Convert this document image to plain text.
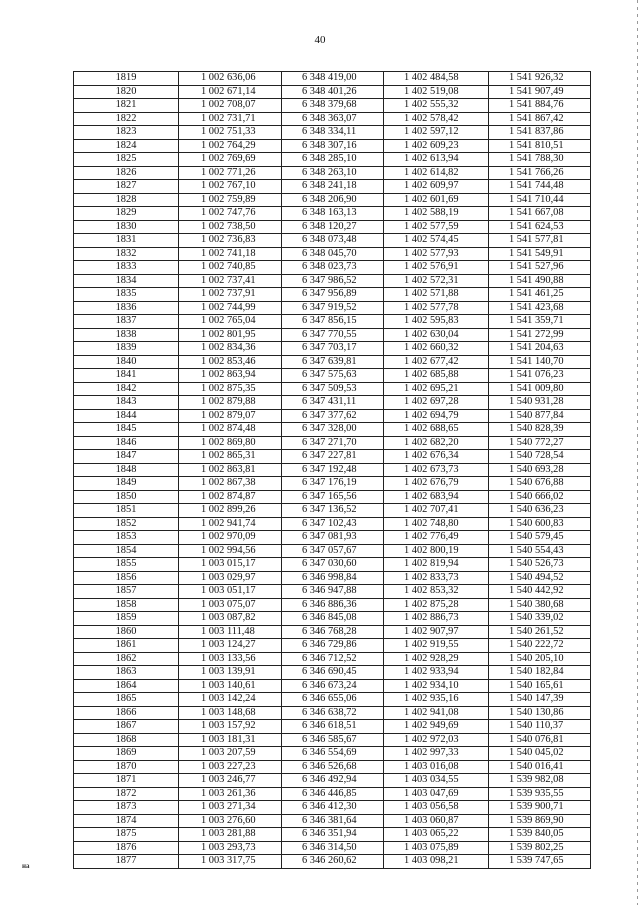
40
1819	1 002 636,06	6 348 419,00	1 402 484,58	1 541 926,32
1820	1 002 671,14	6 348 401,26	1 402 519,08	1 541 907,49
1821	1 002 708,07	6 348 379,68	1 402 555,32	1 541 884,76
1822	1 002 731,71	6 348 363,07	1 402 578,42	1 541 867,42
1823	1 002 751,33	6 348 334,11	1 402 597,12	1 541 837,86
1824	1 002 764,29	6 348 307,16	1 402 609,23	1 541 810,51
1825	1 002 769,69	6 348 285,10	1 402 613,94	1 541 788,30
1826	1 002 771,26	6 348 263,10	1 402 614,82	1 541 766,26
1827	1 002 767,10	6 348 241,18	1 402 609,97	1 541 744,48
1828	1 002 759,89	6 348 206,90	1 402 601,69	1 541 710,44
1829	1 002 747,76	6 348 163,13	1 402 588,19	1 541 667,08
1830	1 002 738,50	6 348 120,27	1 402 577,59	1 541 624,53
1831	1 002 736,83	6 348 073,48	1 402 574,45	1 541 577,81
1832	1 002 741,18	6 348 045,70	1 402 577,93	1 541 549,91
1833	1 002 740,85	6 348 023,73	1 402 576,91	1 541 527,96
1834	1 002 737,41	6 347 986,52	1 402 572,31	1 541 490,88
1835	1 002 737,91	6 347 956,89	1 402 571,88	1 541 461,25
1836	1 002 744,99	6 347 919,52	1 402 577,78	1 541 423,68
1837	1 002 765,04	6 347 856,15	1 402 595,83	1 541 359,71
1838	1 002 801,95	6 347 770,55	1 402 630,04	1 541 272,99
1839	1 002 834,36	6 347 703,17	1 402 660,32	1 541 204,63
1840	1 002 853,46	6 347 639,81	1 402 677,42	1 541 140,70
1841	1 002 863,94	6 347 575,63	1 402 685,88	1 541 076,23
1842	1 002 875,35	6 347 509,53	1 402 695,21	1 541 009,80
1843	1 002 879,88	6 347 431,11	1 402 697,28	1 540 931,28
1844	1 002 879,07	6 347 377,62	1 402 694,79	1 540 877,84
1845	1 002 874,48	6 347 328,00	1 402 688,65	1 540 828,39
1846	1 002 869,80	6 347 271,70	1 402 682,20	1 540 772,27
1847	1 002 865,31	6 347 227,81	1 402 676,34	1 540 728,54
1848	1 002 863,81	6 347 192,48	1 402 673,73	1 540 693,28
1849	1 002 867,38	6 347 176,19	1 402 676,79	1 540 676,88
1850	1 002 874,87	6 347 165,56	1 402 683,94	1 540 666,02
1851	1 002 899,26	6 347 136,52	1 402 707,41	1 540 636,23
1852	1 002 941,74	6 347 102,43	1 402 748,80	1 540 600,83
1853	1 002 970,09	6 347 081,93	1 402 776,49	1 540 579,45
1854	1 002 994,56	6 347 057,67	1 402 800,19	1 540 554,43
1855	1 003 015,17	6 347 030,60	1 402 819,94	1 540 526,73
1856	1 003 029,97	6 346 998,84	1 402 833,73	1 540 494,52
1857	1 003 051,17	6 346 947,88	1 402 853,32	1 540 442,92
1858	1 003 075,07	6 346 886,36	1 402 875,28	1 540 380,68
1859	1 003 087,82	6 346 845,08	1 402 886,73	1 540 339,02
1860	1 003 111,48	6 346 768,28	1 402 907,97	1 540 261,52
1861	1 003 124,27	6 346 729,86	1 402 919,55	1 540 222,72
1862	1 003 133,56	6 346 712,52	1 402 928,29	1 540 205,10
1863	1 003 139,91	6 346 690,45	1 402 933,94	1 540 182,84
1864	1 003 140,61	6 346 673,24	1 402 934,10	1 540 165,61
1865	1 003 142,24	6 346 655,06	1 402 935,16	1 540 147,39
1866	1 003 148,68	6 346 638,72	1 402 941,08	1 540 130,86
1867	1 003 157,92	6 346 618,51	1 402 949,69	1 540 110,37
1868	1 003 181,31	6 346 585,67	1 402 972,03	1 540 076,81
1869	1 003 207,59	6 346 554,69	1 402 997,33	1 540 045,02
1870	1 003 227,23	6 346 526,68	1 403 016,08	1 540 016,41
1871	1 003 246,77	6 346 492,94	1 403 034,55	1 539 982,08
1872	1 003 261,36	6 346 446,85	1 403 047,69	1 539 935,55
1873	1 003 271,34	6 346 412,30	1 403 056,58	1 539 900,71
1874	1 003 276,60	6 346 381,64	1 403 060,87	1 539 869,90
1875	1 003 281,88	6 346 351,94	1 403 065,22	1 539 840,05
1876	1 003 293,73	6 346 314,50	1 403 075,89	1 539 802,25
1877	1 003 317,75	6 346 260,62	1 403 098,21	1 539 747,65
на
